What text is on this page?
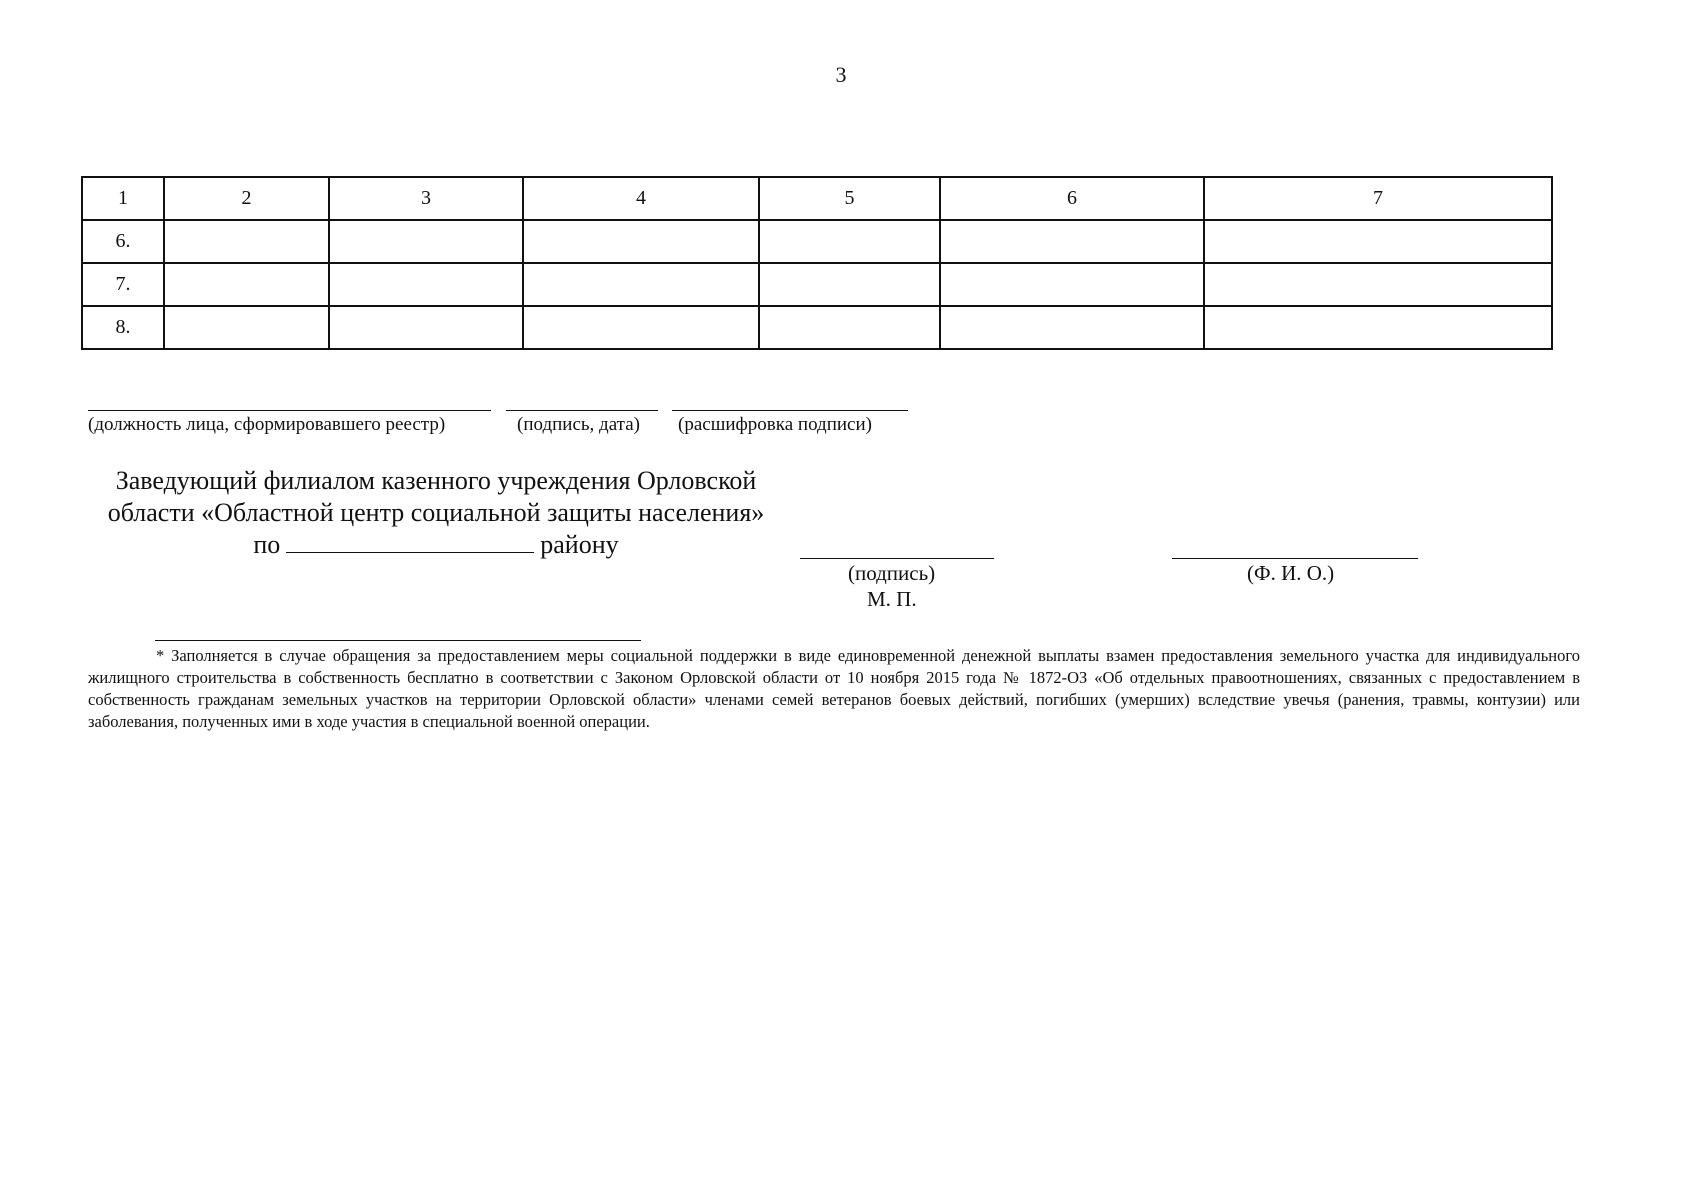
3
1	2	3	4	5	6	7
6.						
7.						
8.						
(должность лица, сформировавшего реестр)	(подпись, дата) (расшифровка подписи)
Заведующий филиалом казенного учреждения Орловской
области «Областной центр социальной защиты населения»
по	району
(подпись)
М. П.
(Ф. И. О.)
* Заполняется в случае обращения за предоставлением меры социальной поддержки в виде единовременной денежной выплаты взамен предоставления земельного участка для индивидуального жилищного строительства в собственность бесплатно в соответствии с Законом Орловской области от 10 ноября 2015 года № 1872-ОЗ «Об отдельных правоотношениях, связанных с предоставлением в собственность гражданам земельных участков на территории Орловской области» членами семей ветеранов боевых действий, погибших (умерших) вследствие увечья (ранения, травмы, контузии) или заболевания, полученных ими в ходе участия в специальной военной операции.
